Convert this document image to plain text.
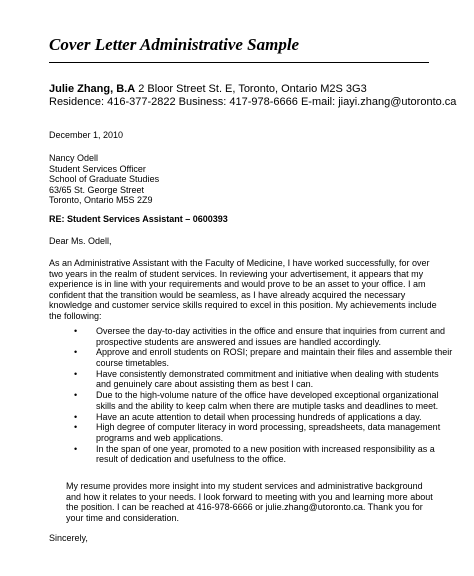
Cover Letter Administrative Sample
Julie Zhang, B.A 2 Bloor Street St. E, Toronto, Ontario M2S 3G3
Residence: 416-377-2822 Business: 417-978-6666 E-mail: jiayi.zhang@utoronto.ca
December 1, 2010
Nancy Odell
Student Services Officer
School of Graduate Studies
63/65 St. George Street
Toronto, Ontario M5S 2Z9
RE: Student Services Assistant – 0600393
Dear Ms. Odell,
As an Administrative Assistant with the Faculty of Medicine, I have worked successfully, for over
two years in the realm of student services. In reviewing your advertisement, it appears that my
experience is in line with your requirements and would prove to be an asset to your office. I am
confident that the transition would be seamless, as I have already acquired the necessary
knowledge and customer service skills required to excel in this position. My achievements include
the following:
• Oversee the day-to-day activities in the office and ensure that inquiries from current and
prospective students are answered and issues are handled accordingly.
• Approve and enroll students on ROSI; prepare and maintain their files and assemble their
course timetables.
• Have consistently demonstrated commitment and initiative when dealing with students
and genuinely care about assisting them as best I can.
• Due to the high-volume nature of the office have developed exceptional organizational
skills and the ability to keep calm when there are mutiple tasks and deadlines to meet.
• Have an acute attention to detail when processing hundreds of applications a day.
• High degree of computer literacy in word processing, spreadsheets, data management
programs and web applications.
• In the span of one year, promoted to a new position with increased responsibility as a
result of dedication and usefulness to the office.
My resume provides more insight into my student services and administrative background
and how it relates to your needs. I look forward to meeting with you and learning more about
the position. I can be reached at 416-978-6666 or julie.zhang@utoronto.ca. Thank you for
your time and consideration.
Sincerely,
